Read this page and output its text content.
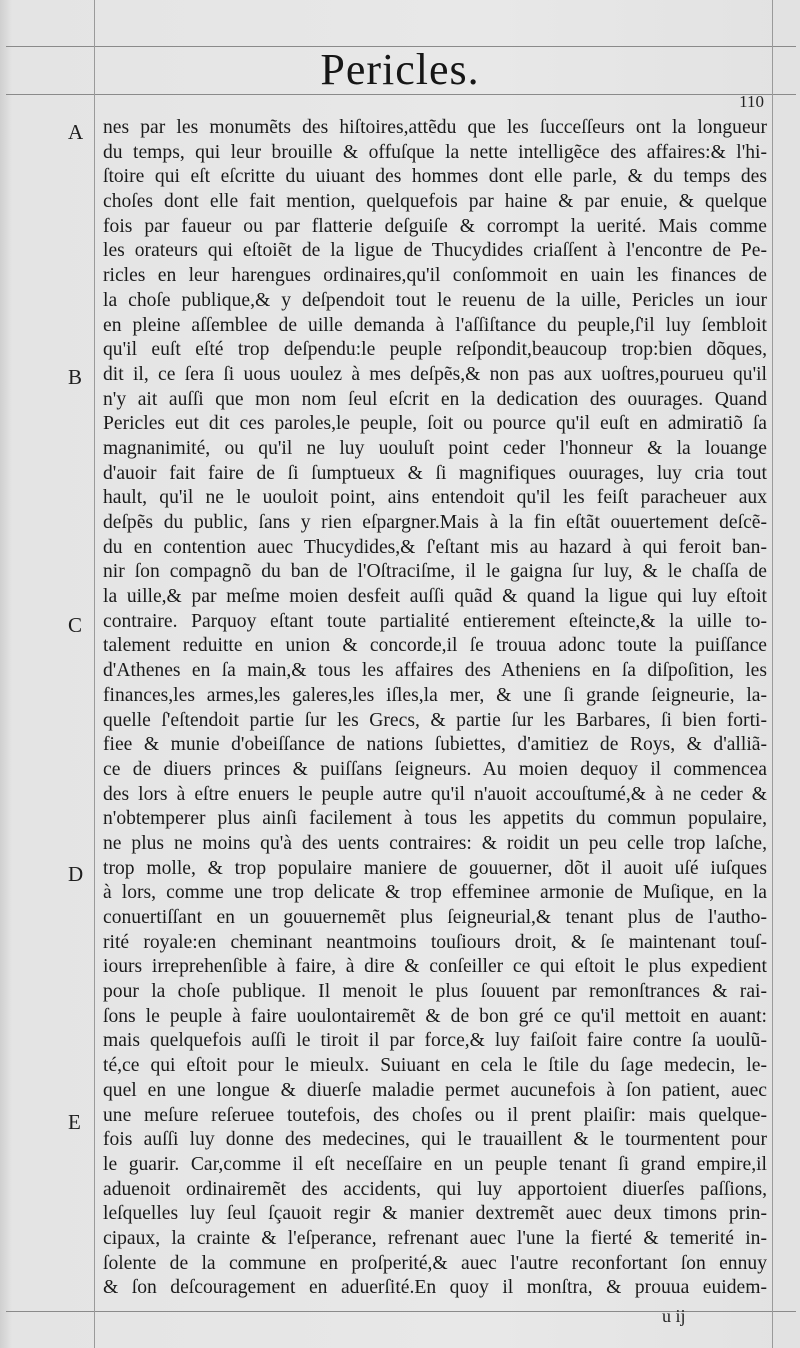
Pericles.
110
A
B
C
D
E
nes par les monumẽts des hiſtoires,attẽdu que les ſucceſſeurs ont la longueur
du temps, qui leur brouille & offuſque la nette intelligẽce des affaires:& l'hi-
ſtoire qui eſt eſcritte du uiuant des hommes dont elle parle, & du temps des
choſes dont elle fait mention, quelquefois par haine & par enuie, & quelque
fois par faueur ou par flatterie deſguiſe & corrompt la uerité. Mais comme
les orateurs qui eſtoiẽt de la ligue de Thucydides criaſſent à l'encontre de Pe-
ricles en leur harengues ordinaires,qu'il conſommoit en uain les finances de
la choſe publique,& y deſpendoit tout le reuenu de la uille, Pericles un iour
en pleine aſſemblee de uille demanda à l'aſſiſtance du peuple,ſ'il luy ſembloit
qu'il euſt eſté trop deſpendu:le peuple reſpondit,beaucoup trop:bien dõques,
dit il, ce ſera ſi uous uoulez à mes deſpẽs,& non pas aux uoſtres,pourueu qu'il
n'y ait auſſi que mon nom ſeul eſcrit en la dedication des ouurages. Quand
Pericles eut dit ces paroles,le peuple, ſoit ou pource qu'il euſt en admiratiõ ſa
magnanimité, ou qu'il ne luy uouluſt point ceder l'honneur & la louange
d'auoir fait faire de ſi ſumptueux & ſi magnifiques ouurages, luy cria tout
hault, qu'il ne le uouloit point, ains entendoit qu'il les feiſt paracheuer aux
deſpẽs du public, ſans y rien eſpargner.Mais à la fin eſtãt ouuertement deſcẽ-
du en contention auec Thucydides,& ſ'eſtant mis au hazard à qui feroit ban-
nir ſon compagnõ du ban de l'Oſtraciſme, il le gaigna ſur luy, & le chaſſa de
la uille,& par meſme moien desfeit auſſi quãd & quand la ligue qui luy eſtoit
contraire. Parquoy eſtant toute partialité entierement eſteincte,& la uille to-
talement reduitte en union & concorde,il ſe trouua adonc toute la puiſſance
d'Athenes en ſa main,& tous les affaires des Atheniens en ſa diſpoſition, les
finances,les armes,les galeres,les iſles,la mer, & une ſi grande ſeigneurie, la-
quelle ſ'eſtendoit partie ſur les Grecs, & partie ſur les Barbares, ſi bien forti-
fiee & munie d'obeiſſance de nations ſubiettes, d'amitiez de Roys, & d'alliã-
ce de diuers princes & puiſſans ſeigneurs. Au moien dequoy il commencea
des lors à eſtre enuers le peuple autre qu'il n'auoit accouſtumé,& à ne ceder &
n'obtemperer plus ainſi facilement à tous les appetits du commun populaire,
ne plus ne moins qu'à des uents contraires: & roidit un peu celle trop laſche,
trop molle, & trop populaire maniere de gouuerner, dõt il auoit uſé iuſques
à lors, comme une trop delicate & trop effeminee armonie de Muſique, en la
conuertiſſant en un gouuernemẽt plus ſeigneurial,& tenant plus de l'autho-
rité royale:en cheminant neantmoins touſiours droit, & ſe maintenant touſ-
iours irreprehenſible à faire, à dire & conſeiller ce qui eſtoit le plus expedient
pour la choſe publique. Il menoit le plus ſouuent par remonſtrances & rai-
ſons le peuple à faire uoulontairemẽt & de bon gré ce qu'il mettoit en auant:
mais quelquefois auſſi le tiroit il par force,& luy faiſoit faire contre ſa uoulũ-
té,ce qui eſtoit pour le mieulx. Suiuant en cela le ſtile du ſage medecin, le-
quel en une longue & diuerſe maladie permet aucunefois à ſon patient, auec
une meſure reſeruee toutefois, des choſes ou il prent plaiſir: mais quelque-
fois auſſi luy donne des medecines, qui le trauaillent & le tourmentent pour
le guarir. Car,comme il eſt neceſſaire en un peuple tenant ſi grand empire,il
aduenoit ordinairemẽt des accidents, qui luy apportoient diuerſes paſſions,
leſquelles luy ſeul ſçauoit regir & manier dextremẽt auec deux timons prin-
cipaux, la crainte & l'eſperance, refrenant auec l'une la fierté & temerité in-
ſolente de la commune en proſperité,& auec l'autre reconfortant ſon ennuy
& ſon deſcouragement en aduerſité.En quoy il monſtra, & prouua euidem-
u ij
